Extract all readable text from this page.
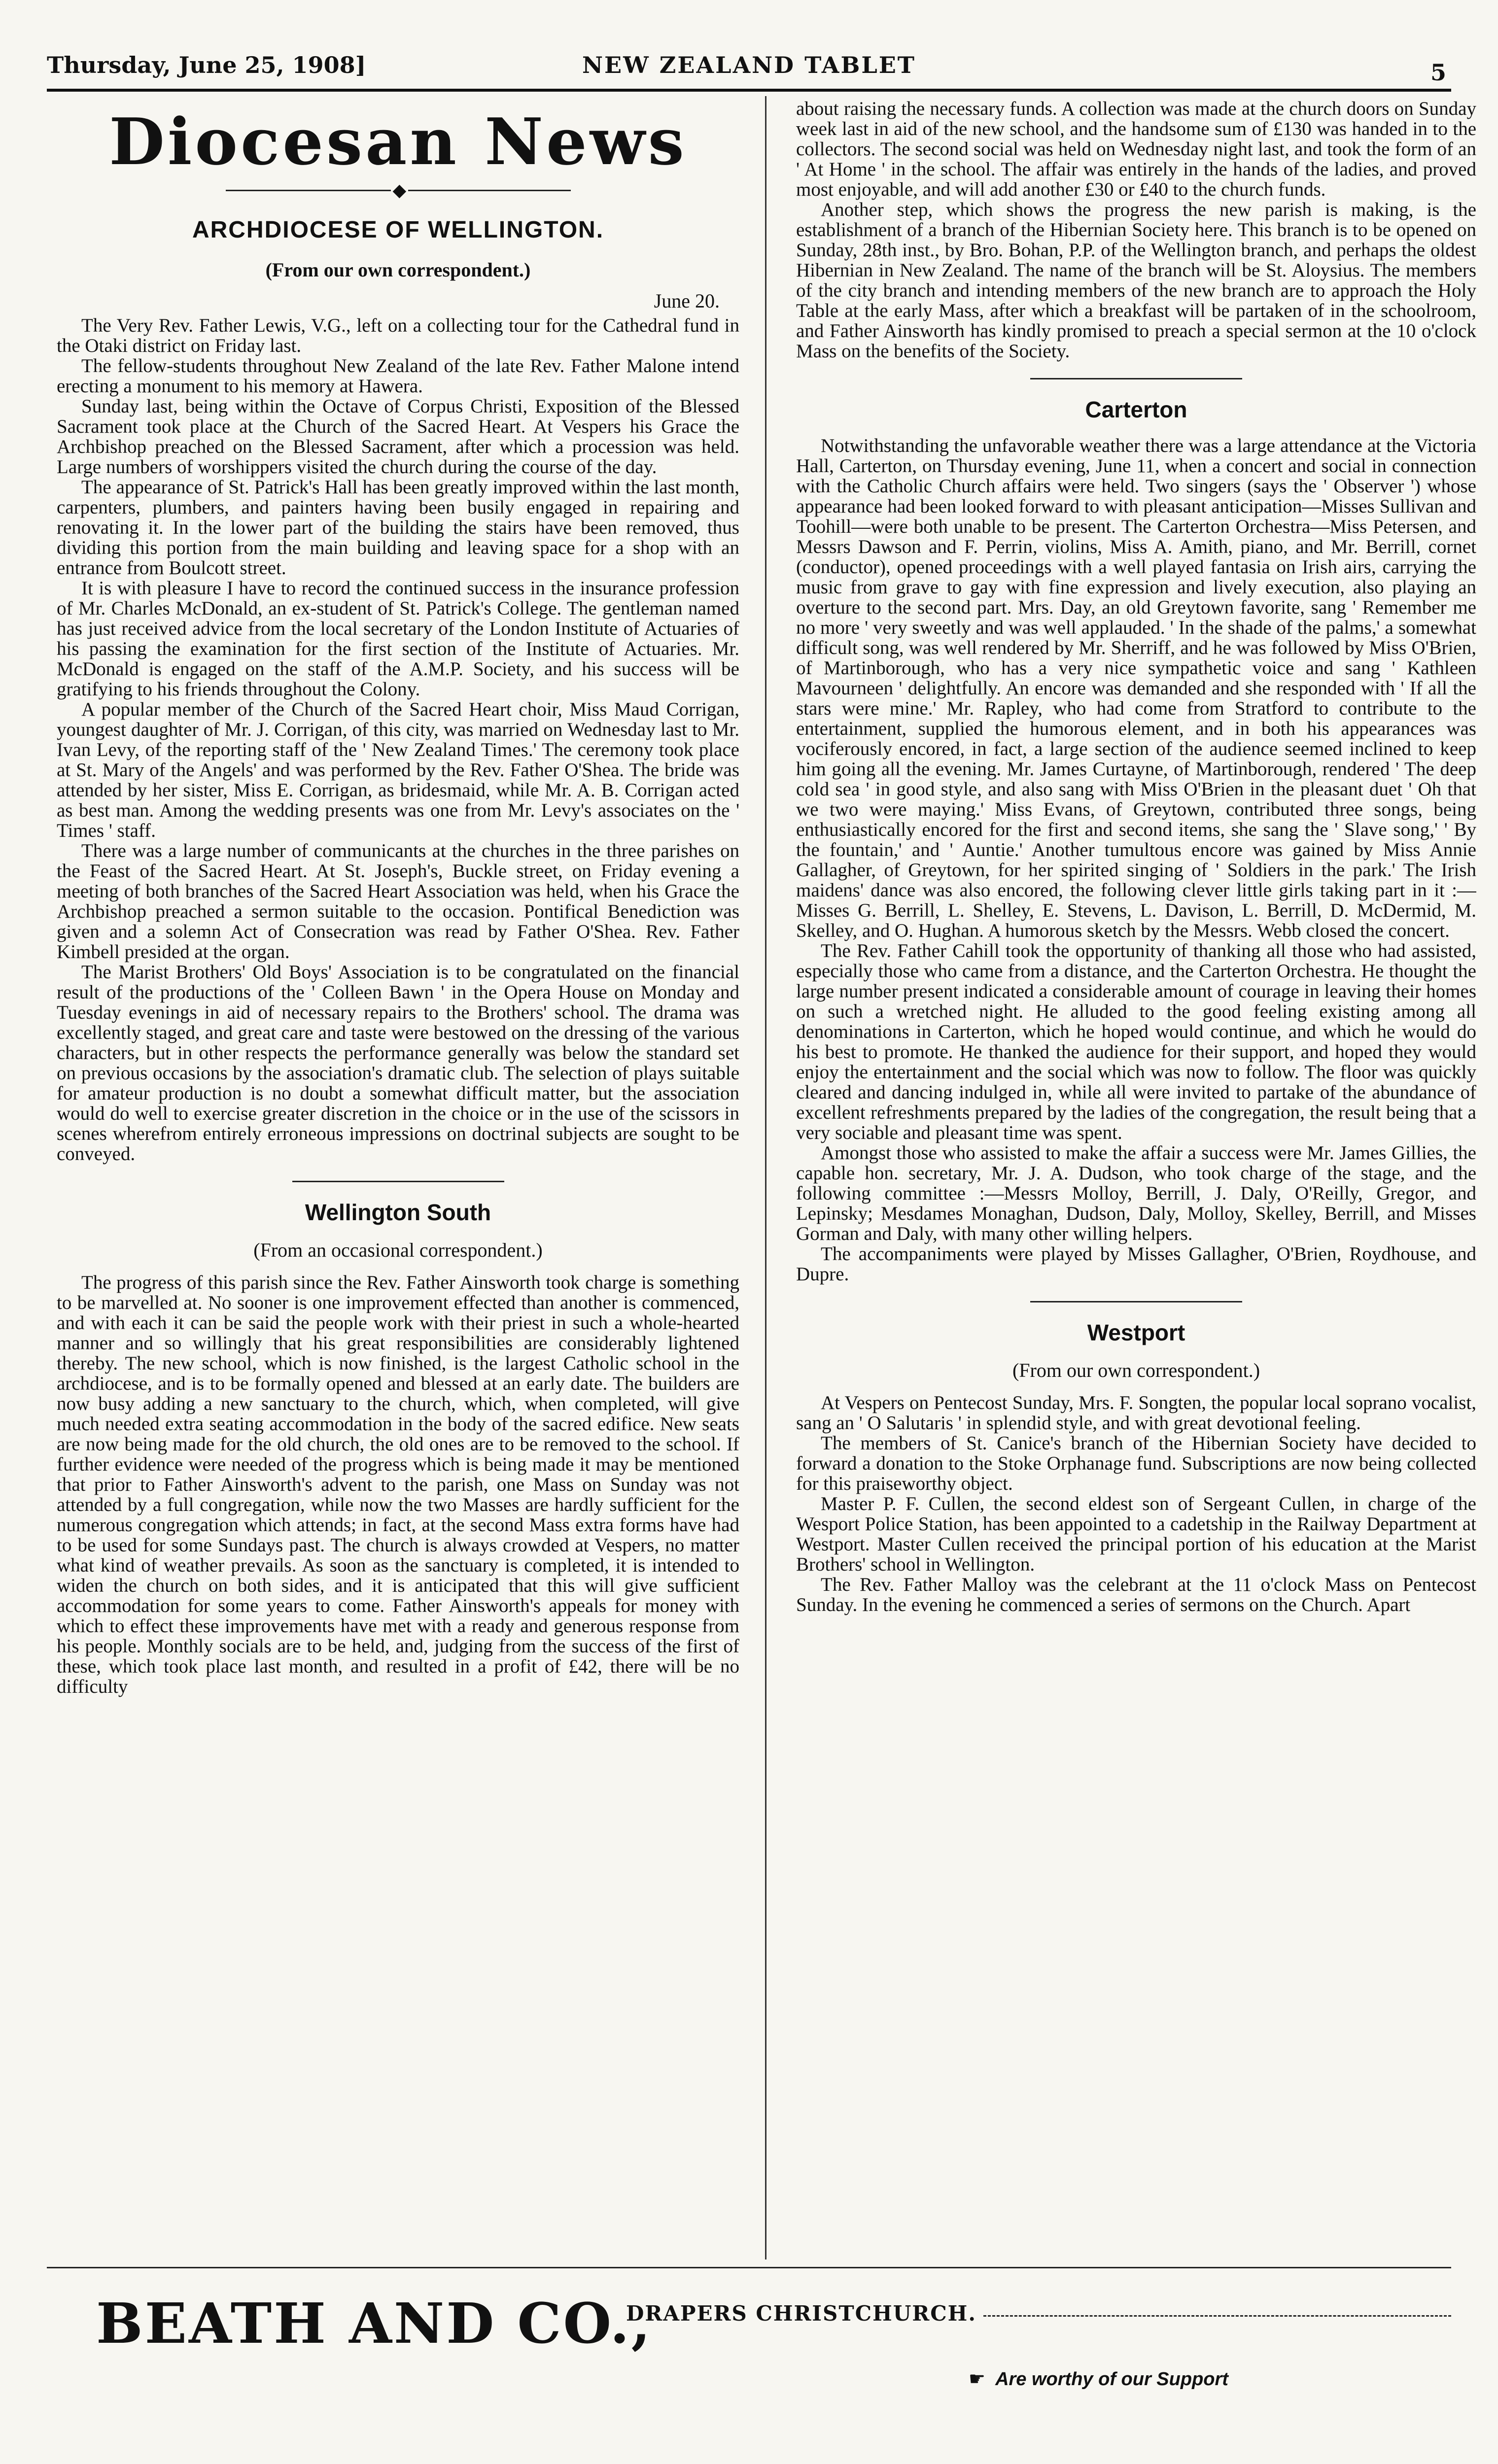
Thursday, June 25, 1908]	NEW ZEALAND TABLET	5
Diocesan News
◆
ARCHDIOCESE OF WELLINGTON.
(From our own correspondent.)
June 20.

The Very Rev. Father Lewis, V.G., left on a collecting tour for the Cathedral fund in the Otaki district on Friday last.

The fellow-students throughout New Zealand of the late Rev. Father Malone intend erecting a monument to his memory at Hawera.

Sunday last, being within the Octave of Corpus Christi, Exposition of the Blessed Sacrament took place at the Church of the Sacred Heart. At Vespers his Grace the Archbishop preached on the Blessed Sacrament, after which a procession was held. Large numbers of worshippers visited the church during the course of the day.

The appearance of St. Patrick's Hall has been greatly improved within the last month, carpenters, plumbers, and painters having been busily engaged in repairing and renovating it. In the lower part of the building the stairs have been removed, thus dividing this portion from the main building and leaving space for a shop with an entrance from Boulcott street.

It is with pleasure I have to record the continued success in the insurance profession of Mr. Charles McDonald, an ex-student of St. Patrick's College. The gentleman named has just received advice from the local secretary of the London Institute of Actuaries of his passing the examination for the first section of the Institute of Actuaries. Mr. McDonald is engaged on the staff of the A.M.P. Society, and his success will be gratifying to his friends throughout the Colony.

A popular member of the Church of the Sacred Heart choir, Miss Maud Corrigan, youngest daughter of Mr. J. Corrigan, of this city, was married on Wednesday last to Mr. Ivan Levy, of the reporting staff of the ' New Zealand Times.' The ceremony took place at St. Mary of the Angels' and was performed by the Rev. Father O'Shea. The bride was attended by her sister, Miss E. Corrigan, as bridesmaid, while Mr. A. B. Corrigan acted as best man. Among the wedding presents was one from Mr. Levy's associates on the ' Times ' staff.

There was a large number of communicants at the churches in the three parishes on the Feast of the Sacred Heart. At St. Joseph's, Buckle street, on Friday evening a meeting of both branches of the Sacred Heart Association was held, when his Grace the Archbishop preached a sermon suitable to the occasion. Pontifical Benediction was given and a solemn Act of Consecration was read by Father O'Shea. Rev. Father Kimbell presided at the organ.

The Marist Brothers' Old Boys' Association is to be congratulated on the financial result of the productions of the ' Colleen Bawn ' in the Opera House on Monday and Tuesday evenings in aid of necessary repairs to the Brothers' school. The drama was excellently staged, and great care and taste were bestowed on the dressing of the various characters, but in other respects the performance generally was below the standard set on previous occasions by the association's dramatic club. The selection of plays suitable for amateur production is no doubt a somewhat difficult matter, but the association would do well to exercise greater discretion in the choice or in the use of the scissors in scenes wherefrom entirely erroneous impressions on doctrinal subjects are sought to be conveyed.

Wellington South
(From an occasional correspondent.)

The progress of this parish since the Rev. Father Ainsworth took charge is something to be marvelled at. No sooner is one improvement effected than another is commenced, and with each it can be said the people work with their priest in such a whole-hearted manner and so willingly that his great responsibilities are considerably lightened thereby. The new school, which is now finished, is the largest Catholic school in the archdiocese, and is to be formally opened and blessed at an early date. The builders are now busy adding a new sanctuary to the church, which, when completed, will give much needed extra seating accommodation in the body of the sacred edifice. New seats are now being made for the old church, the old ones are to be removed to the school. If further evidence were needed of the progress which is being made it may be mentioned that prior to Father Ainsworth's advent to the parish, one Mass on Sunday was not attended by a full congregation, while now the two Masses are hardly sufficient for the numerous congregation which attends; in fact, at the second Mass extra forms have had to be used for some Sundays past. The church is always crowded at Vespers, no matter what kind of weather prevails. As soon as the sanctuary is completed, it is intended to widen the church on both sides, and it is anticipated that this will give sufficient accommodation for some years to come. Father Ainsworth's appeals for money with which to effect these improvements have met with a ready and generous response from his people. Monthly socials are to be held, and, judging from the success of the first of these, which took place last month, and resulted in a profit of £42, there will be no difficulty

about raising the necessary funds. A collection was made at the church doors on Sunday week last in aid of the new school, and the handsome sum of £130 was handed in to the collectors. The second social was held on Wednesday night last, and took the form of an ' At Home ' in the school. The affair was entirely in the hands of the ladies, and proved most enjoyable, and will add another £30 or £40 to the church funds.

Another step, which shows the progress the new parish is making, is the establishment of a branch of the Hibernian Society here. This branch is to be opened on Sunday, 28th inst., by Bro. Bohan, P.P. of the Wellington branch, and perhaps the oldest Hibernian in New Zealand. The name of the branch will be St. Aloysius. The members of the city branch and intending members of the new branch are to approach the Holy Table at the early Mass, after which a breakfast will be partaken of in the schoolroom, and Father Ainsworth has kindly promised to preach a special sermon at the 10 o'clock Mass on the benefits of the Society.

Carterton

Notwithstanding the unfavorable weather there was a large attendance at the Victoria Hall, Carterton, on Thursday evening, June 11, when a concert and social in connection with the Catholic Church affairs were held. Two singers (says the ' Observer ') whose appearance had been looked forward to with pleasant anticipation—Misses Sullivan and Toohill—were both unable to be present. The Carterton Orchestra—Miss Petersen, and Messrs Dawson and F. Perrin, violins, Miss A. Amith, piano, and Mr. Berrill, cornet (conductor), opened proceedings with a well played fantasia on Irish airs, carrying the music from grave to gay with fine expression and lively execution, also playing an overture to the second part. Mrs. Day, an old Greytown favorite, sang ' Remember me no more ' very sweetly and was well applauded. ' In the shade of the palms,' a somewhat difficult song, was well rendered by Mr. Sherriff, and he was followed by Miss O'Brien, of Martinborough, who has a very nice sympathetic voice and sang ' Kathleen Mavourneen ' delightfully. An encore was demanded and she responded with ' If all the stars were mine.' Mr. Rapley, who had come from Stratford to contribute to the entertainment, supplied the humorous element, and in both his appearances was vociferously encored, in fact, a large section of the audience seemed inclined to keep him going all the evening. Mr. James Curtayne, of Martinborough, rendered ' The deep cold sea ' in good style, and also sang with Miss O'Brien in the pleasant duet ' Oh that we two were maying.' Miss Evans, of Greytown, contributed three songs, being enthusiastically encored for the first and second items, she sang the ' Slave song,' ' By the fountain,' and ' Auntie.' Another tumultous encore was gained by Miss Annie Gallagher, of Greytown, for her spirited singing of ' Soldiers in the park.' The Irish maidens' dance was also encored, the following clever little girls taking part in it :—Misses G. Berrill, L. Shelley, E. Stevens, L. Davison, L. Berrill, D. McDermid, M. Skelley, and O. Hughan. A humorous sketch by the Messrs. Webb closed the concert.

The Rev. Father Cahill took the opportunity of thanking all those who had assisted, especially those who came from a distance, and the Carterton Orchestra. He thought the large number present indicated a considerable amount of courage in leaving their homes on such a wretched night. He alluded to the good feeling existing among all denominations in Carterton, which he hoped would continue, and which he would do his best to promote. He thanked the audience for their support, and hoped they would enjoy the entertainment and the social which was now to follow. The floor was quickly cleared and dancing indulged in, while all were invited to partake of the abundance of excellent refreshments prepared by the ladies of the congregation, the result being that a very sociable and pleasant time was spent.

Amongst those who assisted to make the affair a success were Mr. James Gillies, the capable hon. secretary, Mr. J. A. Dudson, who took charge of the stage, and the following committee :—Messrs Molloy, Berrill, J. Daly, O'Reilly, Gregor, and Lepinsky; Mesdames Monaghan, Dudson, Daly, Molloy, Skelley, Berrill, and Misses Gorman and Daly, with many other willing helpers.

The accompaniments were played by Misses Gallagher, O'Brien, Roydhouse, and Dupre.

Westport
(From our own correspondent.)

At Vespers on Pentecost Sunday, Mrs. F. Songten, the popular local soprano vocalist, sang an ' O Salutaris ' in splendid style, and with great devotional feeling.

The members of St. Canice's branch of the Hibernian Society have decided to forward a donation to the Stoke Orphanage fund. Subscriptions are now being collected for this praiseworthy object.

Master P. F. Cullen, the second eldest son of Sergeant Cullen, in charge of the Wesport Police Station, has been appointed to a cadetship in the Railway Department at Westport. Master Cullen received the principal portion of his education at the Marist Brothers' school in Wellington.

The Rev. Father Malloy was the celebrant at the 11 o'clock Mass on Pentecost Sunday. In the evening he commenced a series of sermons on the Church. Apart

BEATH AND CO.,
DRAPERS CHRISTCHURCH.
☛ Are worthy of our Support
